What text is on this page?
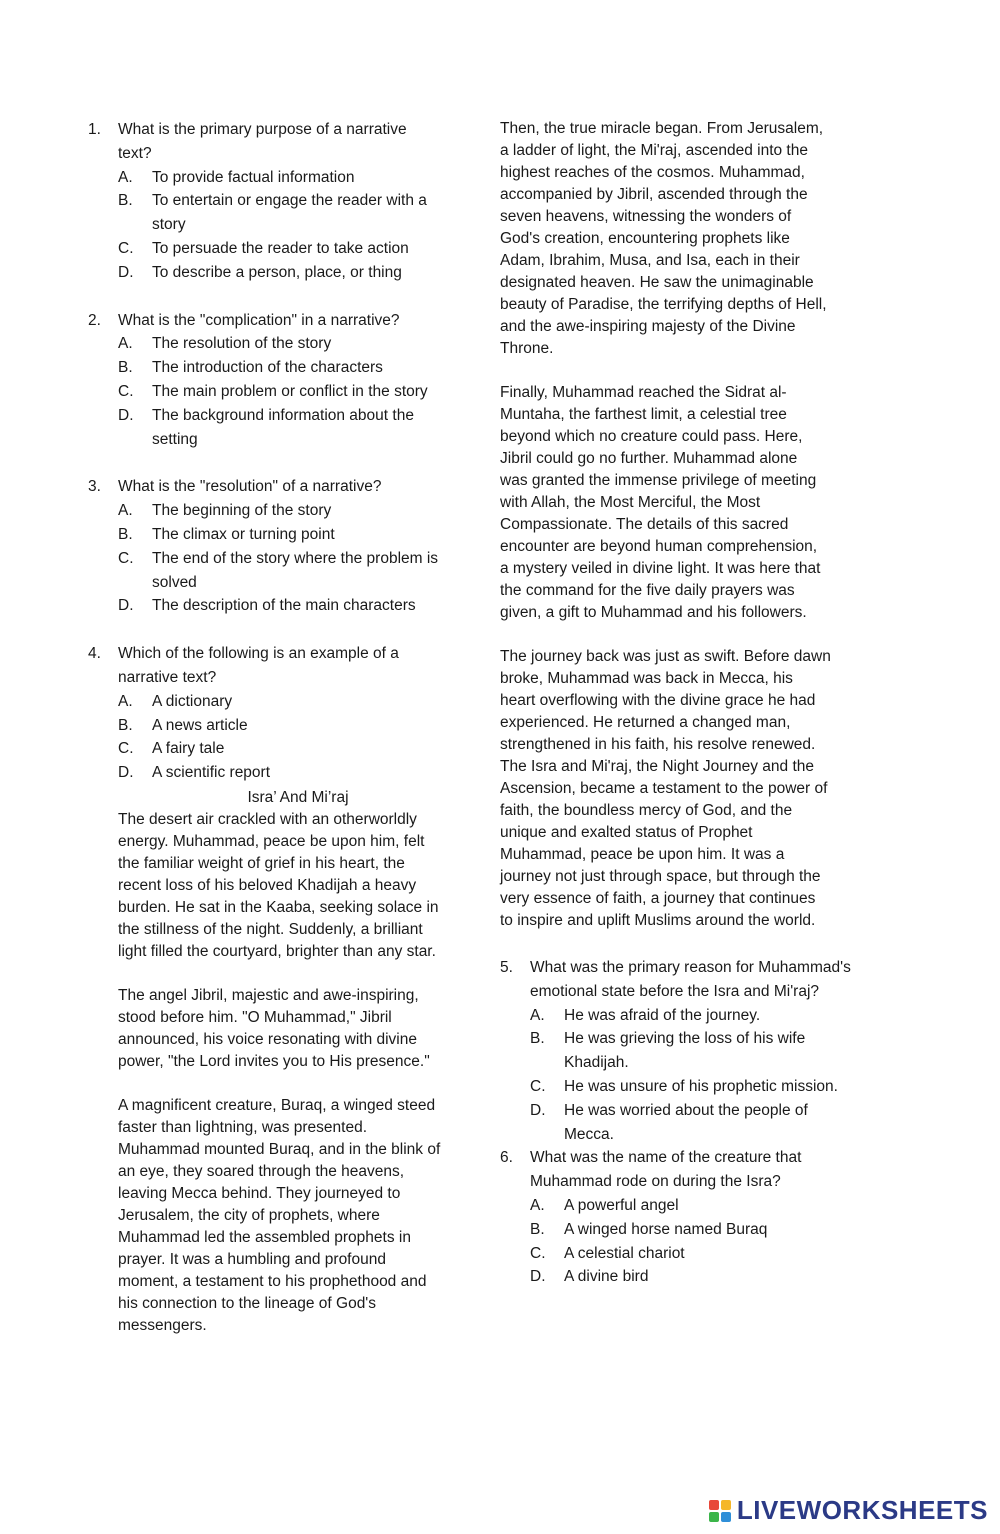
1.	What is the primary purpose of a narrative
text?
A.	To provide factual information
B.	To entertain or engage the reader with a
story
C.	To persuade the reader to take action
D.	To describe a person, place, or thing
2.	What is the "complication" in a narrative?
A.	The resolution of the story
B.	The introduction of the characters
C.	The main problem or conflict in the story
D.	The background information about the
setting
3.	What is the "resolution" of a narrative?
A.	The beginning of the story
B.	The climax or turning point
C.	The end of the story where the problem is
solved
D.	The description of the main characters
4.	Which of the following is an example of a
narrative text?
A.	A dictionary
B.	A news article
C.	A fairy tale
D.	A scientific report
Isra’ And Mi’raj
The desert air crackled with an otherworldly
energy. Muhammad, peace be upon him, felt
the familiar weight of grief in his heart, the
recent loss of his beloved Khadijah a heavy
burden. He sat in the Kaaba, seeking solace in
the stillness of the night. Suddenly, a brilliant
light filled the courtyard, brighter than any star.
The angel Jibril, majestic and awe-inspiring,
stood before him. "O Muhammad," Jibril
announced, his voice resonating with divine
power, "the Lord invites you to His presence."
A magnificent creature, Buraq, a winged steed
faster than lightning, was presented.
Muhammad mounted Buraq, and in the blink of
an eye, they soared through the heavens,
leaving Mecca behind. They journeyed to
Jerusalem, the city of prophets, where
Muhammad led the assembled prophets in
prayer. It was a humbling and profound
moment, a testament to his prophethood and
his connection to the lineage of God's
messengers.
Then, the true miracle began. From Jerusalem,
a ladder of light, the Mi'raj, ascended into the
highest reaches of the cosmos. Muhammad,
accompanied by Jibril, ascended through the
seven heavens, witnessing the wonders of
God's creation, encountering prophets like
Adam, Ibrahim, Musa, and Isa, each in their
designated heaven. He saw the unimaginable
beauty of Paradise, the terrifying depths of Hell,
and the awe-inspiring majesty of the Divine
Throne.
Finally, Muhammad reached the Sidrat al-
Muntaha, the farthest limit, a celestial tree
beyond which no creature could pass. Here,
Jibril could go no further. Muhammad alone
was granted the immense privilege of meeting
with Allah, the Most Merciful, the Most
Compassionate. The details of this sacred
encounter are beyond human comprehension,
a mystery veiled in divine light. It was here that
the command for the five daily prayers was
given, a gift to Muhammad and his followers.
The journey back was just as swift. Before dawn
broke, Muhammad was back in Mecca, his
heart overflowing with the divine grace he had
experienced. He returned a changed man,
strengthened in his faith, his resolve renewed.
The Isra and Mi'raj, the Night Journey and the
Ascension, became a testament to the power of
faith, the boundless mercy of God, and the
unique and exalted status of Prophet
Muhammad, peace be upon him. It was a
journey not just through space, but through the
very essence of faith, a journey that continues
to inspire and uplift Muslims around the world.
5.	What was the primary reason for Muhammad's
emotional state before the Isra and Mi'raj?
A.	He was afraid of the journey.
B.	He was grieving the loss of his wife
Khadijah.
C.	He was unsure of his prophetic mission.
D.	He was worried about the people of
Mecca.
6.	What was the name of the creature that
Muhammad rode on during the Isra?
A.	A powerful angel
B.	A winged horse named Buraq
C.	A celestial chariot
D.	A divine bird
LIVEWORKSHEETS
